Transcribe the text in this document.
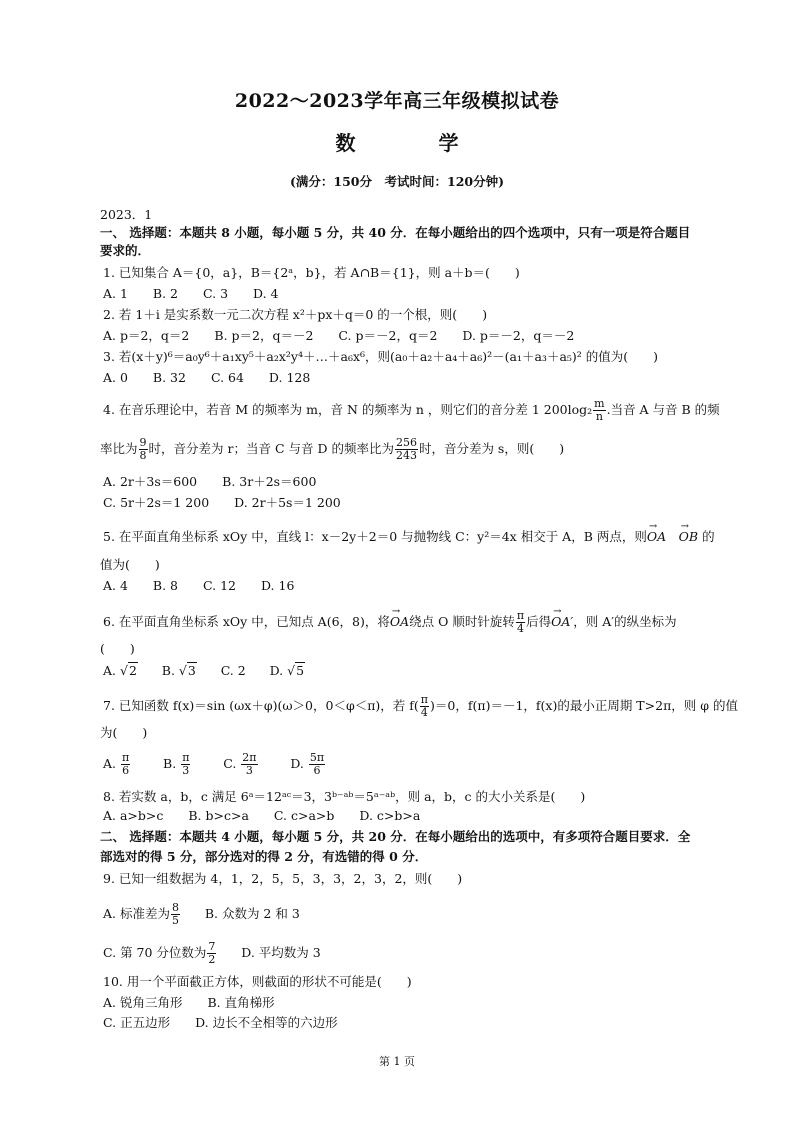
2022～2023学年高三年级模拟试卷
数 学
(满分：150分　考试时间：120分钟)
2023．1
一、 选择题：本题共 8 小题，每小题 5 分，共 40 分．在每小题给出的四个选项中，只有一项是符合题目
要求的．
1. 已知集合 A＝{0，a}，B＝{2ᵃ，b}，若 A∩B＝{1}，则 a＋b＝(　　)
A. 1　　B. 2　　C. 3　　D. 4
2. 若 1＋i 是实系数一元二次方程 x²＋px＋q＝0 的一个根，则(　　)
A. p＝2，q＝2　　B. p＝2，q＝－2　　C. p＝－2，q＝2　　D. p＝－2，q＝－2
3. 若(x＋y)⁶＝a₀y⁶＋a₁xy⁵＋a₂x²y⁴＋…＋a₆x⁶，则(a₀＋a₂＋a₄＋a₆)²－(a₁＋a₃＋a₅)² 的值为(　　)
A. 0　　B. 32　　C. 64　　D. 128
4. 在音乐理论中，若音 M 的频率为 m，音 N 的频率为 n ，则它们的音分差 1 $200\log_2 \frac{m}{n}$ .当音 A 与音 B 的频
率比为 $\frac{9}{8}$ 时，音分差为 r；当音 C 与音 D 的频率比为 $\frac{256}{243}$ 时，音分差为 s，则(　　)
A. 2r＋3s＝600　　B. 3r＋2s＝600
C. 5r＋2s＝1 200　　D. 2r＋5s＝1 200
5. 在平面直角坐标系 xOy 中，直线 l：x－2y＋2＝0 与抛物线 C：y²＝4x 相交于 A，B 两点，则→ OA　→ OB 的
值为(　　)
A. 4　　B. 8　　C. 12　　D. 16
6. 在平面直角坐标系 xOy 中，已知点 A(6，8)，将→ OA绕点 O 顺时针旋转 $\frac{\pi}{4}$ 后得→ OA′，则 A′的纵坐标为
(　　)
A. √2 B. √3 C. 2 D. √5
7. 已知函数 f(x)＝sin (ωx＋φ)(ω＞0，0＜φ＜π)，若 $f( \frac{\pi}{4} )=0$，f(π)＝－1，f(x)的最小正周期 T>2π，则 φ 的值
为(　　)
A. $\frac{\pi}{6}$	B. $\frac{\pi}{3}$	C. $\frac{2\pi}{3}$	D. $\frac{5\pi}{6}$
8. 若实数 a，b，c 满足 6ᵃ＝12ᵃᶜ＝3，3ᵇ⁻ᵃᵇ＝5ᵃ⁻ᵃᵇ，则 a，b，c 的大小关系是(　　)
A. a>b>c　　B. b>c>a　　C. c>a>b　　D. c>b>a
二、 选择题：本题共 4 小题，每小题 5 分，共 20 分．在每小题给出的选项中，有多项符合题目要求．全
部选对的得 5 分，部分选对的得 2 分，有选错的得 0 分．
9. 已知一组数据为 4，1，2，5，5，3，3，2，3，2，则(　　)
A. 标准差为 $\frac{8}{5} B$. 众数为 2 和 3
C. 第 70 分位数为 $\frac{7}{2} D$. 平均数为 3
10. 用一个平面截正方体，则截面的形状不可能是(　　)
A. 锐角三角形　　B. 直角梯形
C. 正五边形　　D. 边长不全相等的六边形
第 1 页
